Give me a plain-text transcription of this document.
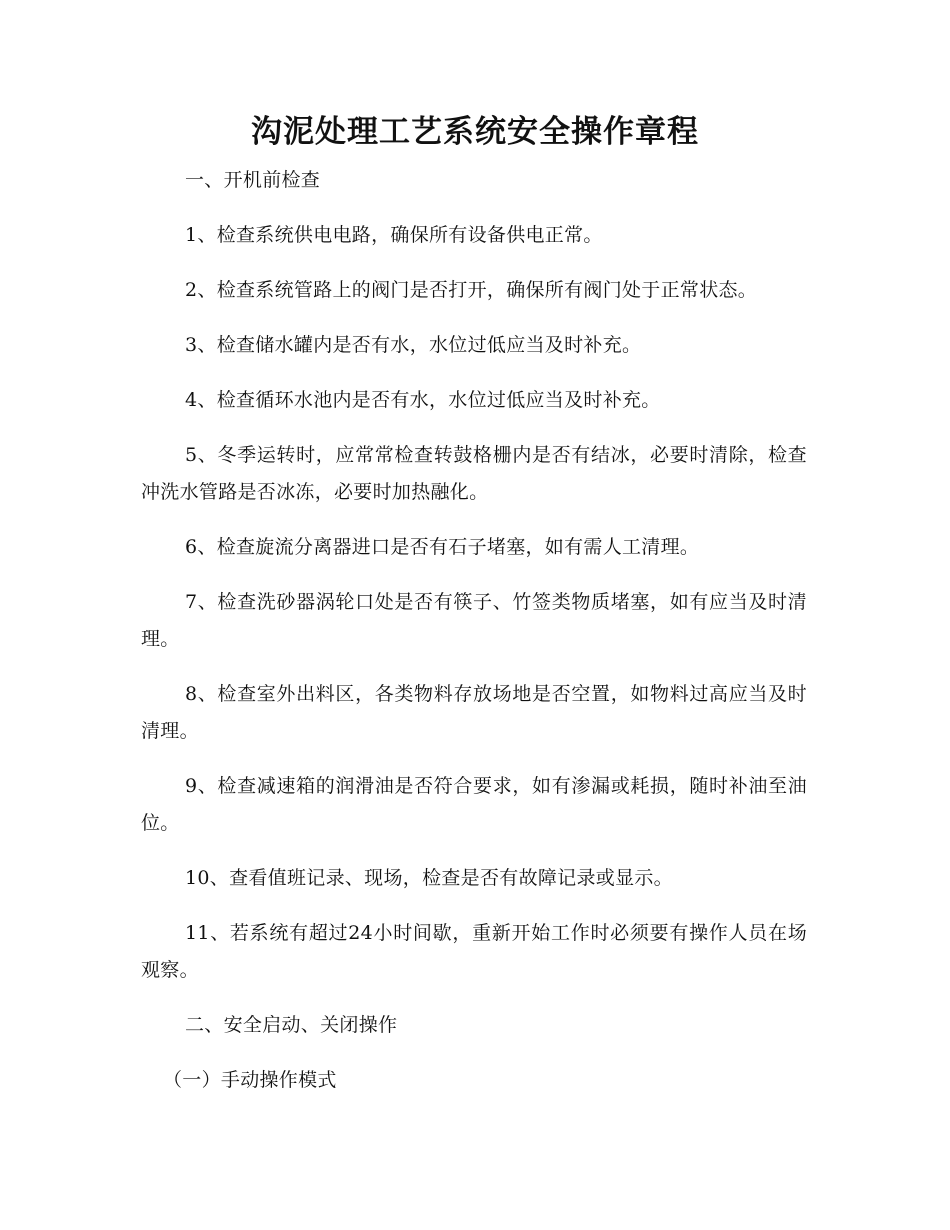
沟泥处理工艺系统安全操作章程

一、开机前检查

1、检查系统供电电路，确保所有设备供电正常。

2、检查系统管路上的阀门是否打开，确保所有阀门处于正常状态。

3、检查储水罐内是否有水，水位过低应当及时补充。

4、检查循环水池内是否有水，水位过低应当及时补充。

5、冬季运转时，应常常检查转鼓格栅内是否有结冰，必要时清除，检查冲洗水管路是否冰冻，必要时加热融化。

6、检查旋流分离器进口是否有石子堵塞，如有需人工清理。

7、检查洗砂器涡轮口处是否有筷子、竹签类物质堵塞，如有应当及时清理。

8、检查室外出料区，各类物料存放场地是否空置，如物料过高应当及时清理。

9、检查减速箱的润滑油是否符合要求，如有渗漏或耗损，随时补油至油位。

10、查看值班记录、现场，检查是否有故障记录或显示。

11、若系统有超过24小时间歇，重新开始工作时必须要有操作人员在场观察。

二、安全启动、关闭操作

（一）手动操作模式
